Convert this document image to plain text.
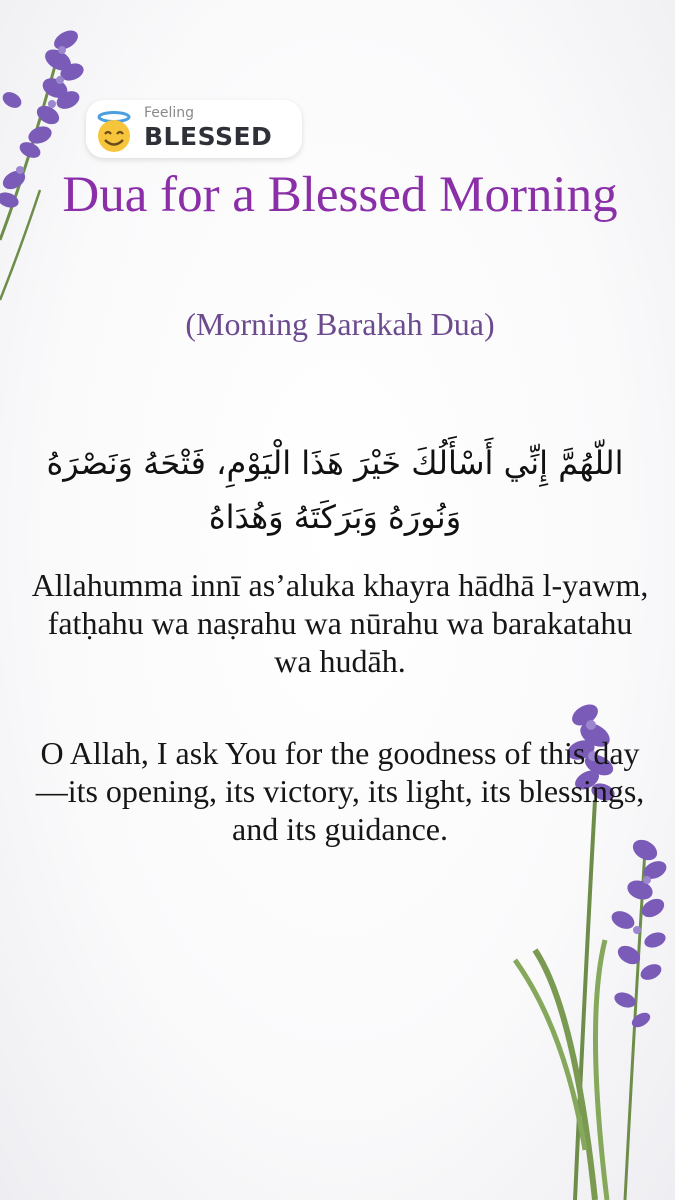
Feeling
BLESSED
Dua for a Blessed Morning

(Morning Barakah Dua)

اللّهُمَّ إِنِّي أَسْأَلُكَ خَيْرَ هَذَا الْيَوْمِ، فَتْحَهُ وَنَصْرَهُ وَنُورَهُ وَبَرَكَتَهُ وَهُدَاهُ

Allahumma innī as’aluka khayra hādhā l-yawm, fatḥahu wa naṣrahu wa nūrahu wa barakatahu wa hudāh.

O Allah, I ask You for the goodness of this day—its opening, its victory, its light, its blessings, and its guidance.
